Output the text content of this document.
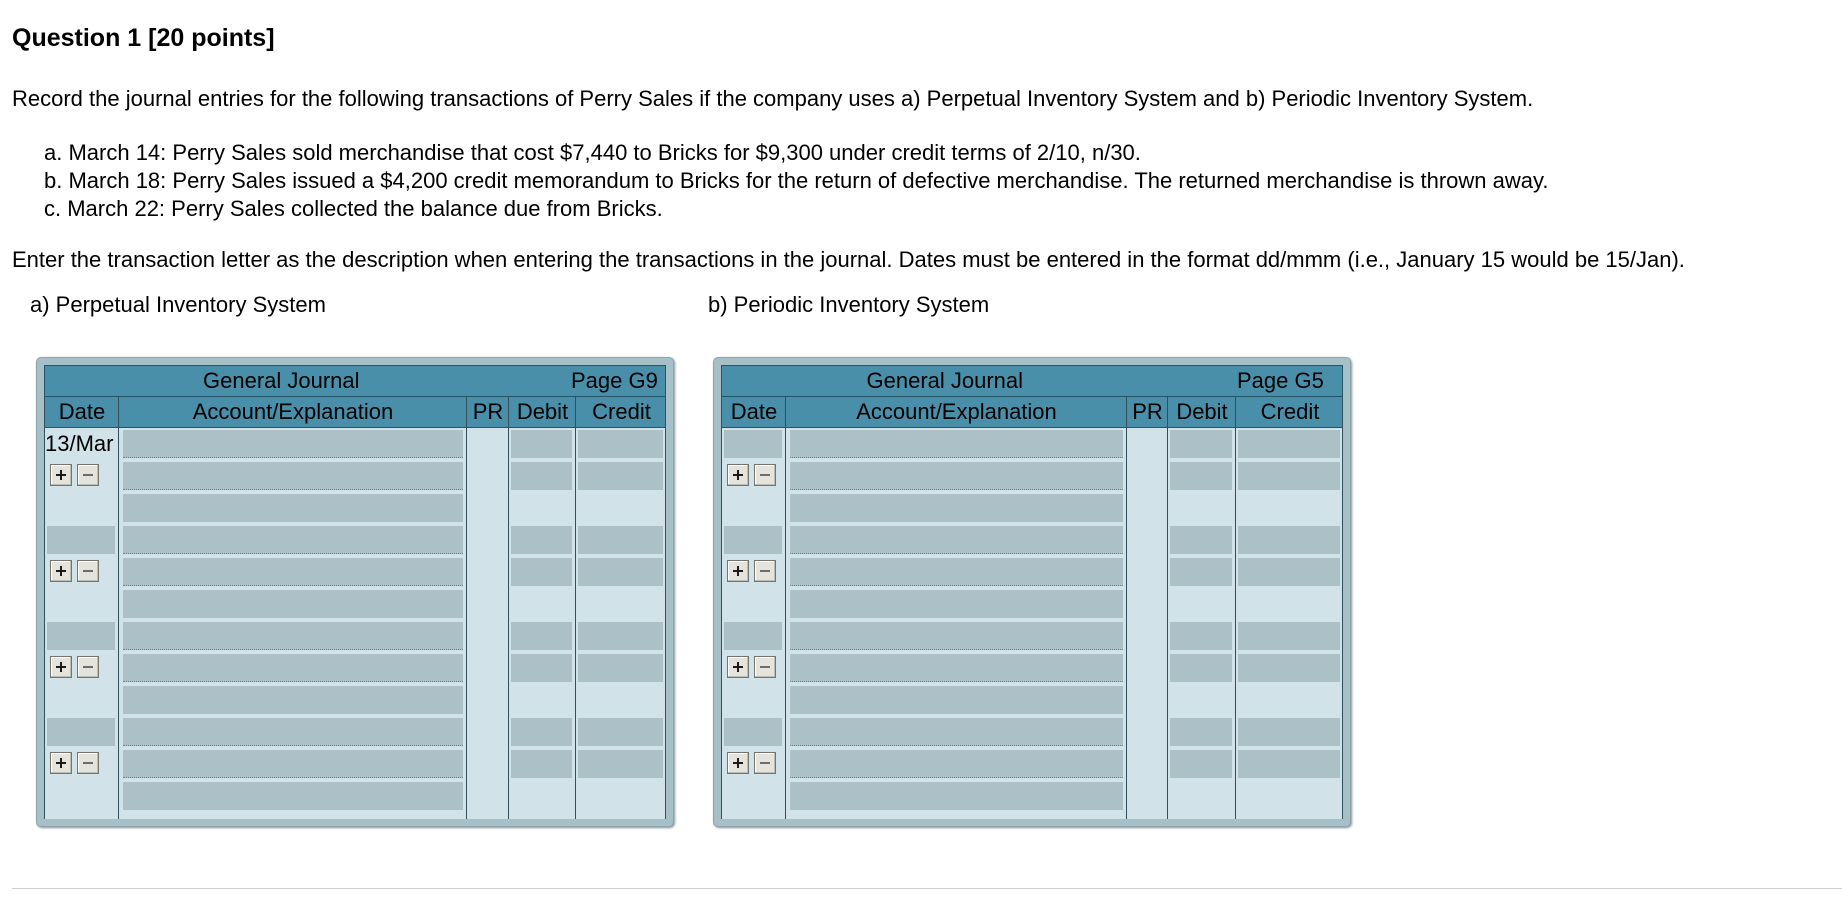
Question 1 [20 points]
Record the journal entries for the following transactions of Perry Sales if the company uses a) Perpetual Inventory System and b) Periodic Inventory System.
a. March 14: Perry Sales sold merchandise that cost $7,440 to Bricks for $9,300 under credit terms of 2/10, n/30.
b. March 18: Perry Sales issued a $4,200 credit memorandum to Bricks for the return of defective merchandise. The returned merchandise is thrown away.
c. March 22: Perry Sales collected the balance due from Bricks.
Enter the transaction letter as the description when entering the transactions in the journal. Dates must be entered in the format dd/mmm (i.e., January 15 would be 15/Jan).
a) Perpetual Inventory System	b) Periodic Inventory System
General Journal	Page G9
Date	Account/Explanation	PR Debit	Credit
13/Mar
General Journal	Page G5
Date	Account/Explanation	PR Debit	Credit
